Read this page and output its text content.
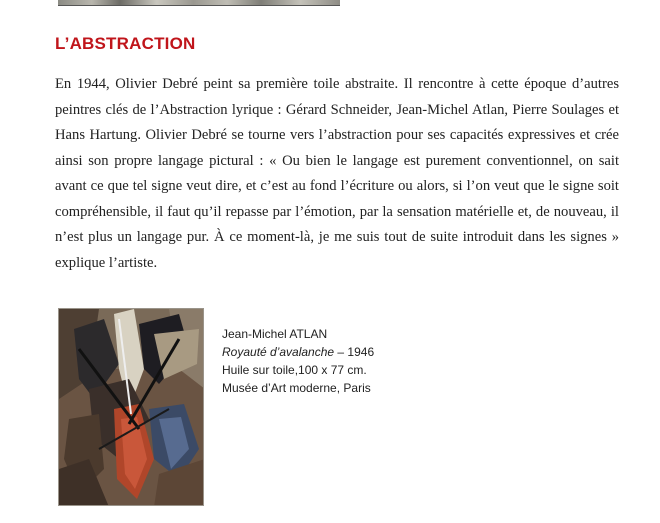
L’ABSTRACTION

En 1944, Olivier Debré peint sa première toile abstraite. Il rencontre à cette époque d’autres peintres clés de l’Abstraction lyrique : Gérard Schneider, Jean-Michel Atlan, Pierre Soulages et Hans Hartung. Olivier Debré se tourne vers l’abstraction pour ses capacités expressives et crée ainsi son propre langage pictural : « Ou bien le langage est purement conventionnel, on sait avant ce que tel signe veut dire, et c’est au fond l’écriture ou alors, si l’on veut que le signe soit compréhensible, il faut qu’il repasse par l’émotion, par la sensation matérielle et, de nouveau, il n’est plus un langage pur. À ce moment-là, je me suis tout de suite introduit dans les signes » explique l’artiste.

Jean-Michel ATLAN
Royauté d’avalanche – 1946
Huile sur toile,100 x 77 cm.
Musée d’Art moderne, Paris
